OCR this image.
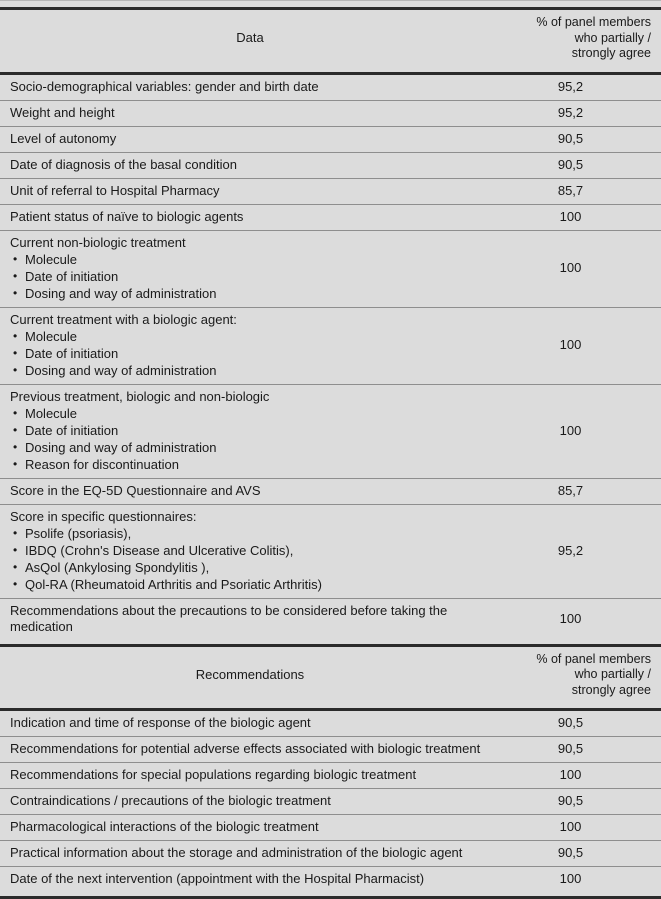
Data	% of panel members
who partially /
strongly agree

Socio-demographical variables: gender and birth date	95,2

Weight and height	95,2

Level of autonomy	90,5

Date of diagnosis of the basal condition	90,5

Unit of referral to Hospital Pharmacy	85,7

Patient status of naïve to biologic agents	100

Current non-biologic treatment
• Molecule
• Date of initiation
• Dosing and way of administration
	100

Current treatment with a biologic agent:
• Molecule
• Date of initiation
• Dosing and way of administration
	100

Previous treatment, biologic and non-biologic
• Molecule
• Date of initiation
• Dosing and way of administration
• Reason for discontinuation
	100

Score in the EQ-5D Questionnaire and AVS	85,7

Score in specific questionnaires:
• Psolife (psoriasis),
• IBDQ (Crohn's Disease and Ulcerative Colitis),
• AsQol (Ankylosing Spondylitis ),
• Qol-RA (Rheumatoid Arthritis and Psoriatic Arthritis)
	95,2

Recommendations about the precautions to be considered before taking the medication	100

Recommendations	% of panel members
who partially /
strongly agree

Indication and time of response of the biologic agent	90,5

Recommendations for potential adverse effects associated with biologic treatment	90,5

Recommendations for special populations regarding biologic treatment	100

Contraindications / precautions of the biologic treatment	90,5

Pharmacological interactions of the biologic treatment	100

Practical information about the storage and administration of the biologic agent	90,5

Date of the next intervention (appointment with the Hospital Pharmacist)	100
